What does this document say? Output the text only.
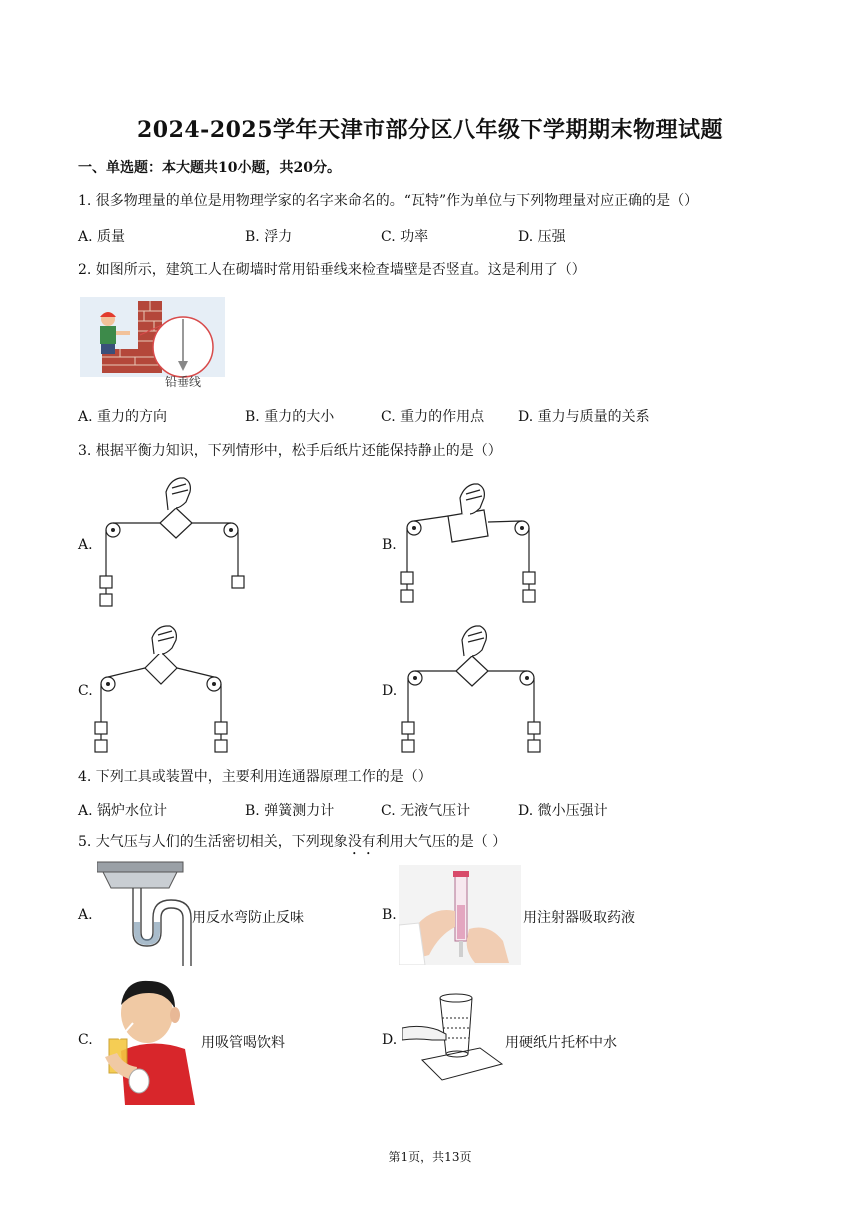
2024-2025学年天津市部分区八年级下学期期末物理试题
一、单选题：本大题共10小题，共20分。
1. 很多物理量的单位是用物理学家的名字来命名的。“瓦特”作为单位与下列物理量对应正确的是（）
A. 质量	B. 浮力	C. 功率	D. 压强
2. 如图所示，建筑工人在砌墙时常用铅垂线来检查墙壁是否竖直。这是利用了（）
铅垂线
A. 重力的方向	B. 重力的大小	C. 重力的作用点 D. 重力与质量的关系
3. 根据平衡力知识，下列情形中，松手后纸片还能保持静止的是（）
A.	B.
C.	D.
4. 下列工具或装置中，主要利用连通器原理工作的是（）
A. 锅炉水位计	B. 弹簧测力计	C. 无液气压计	D. 微小压强计
5. 大气压与人们的生活密切相关，下列现象没有利用大气压的是（ ）
A.	用反水弯防止反味	B.	用注射器吸取药液
C.	用吸管喝饮料	D.	用硬纸片托杯中水
第1页，共13页
